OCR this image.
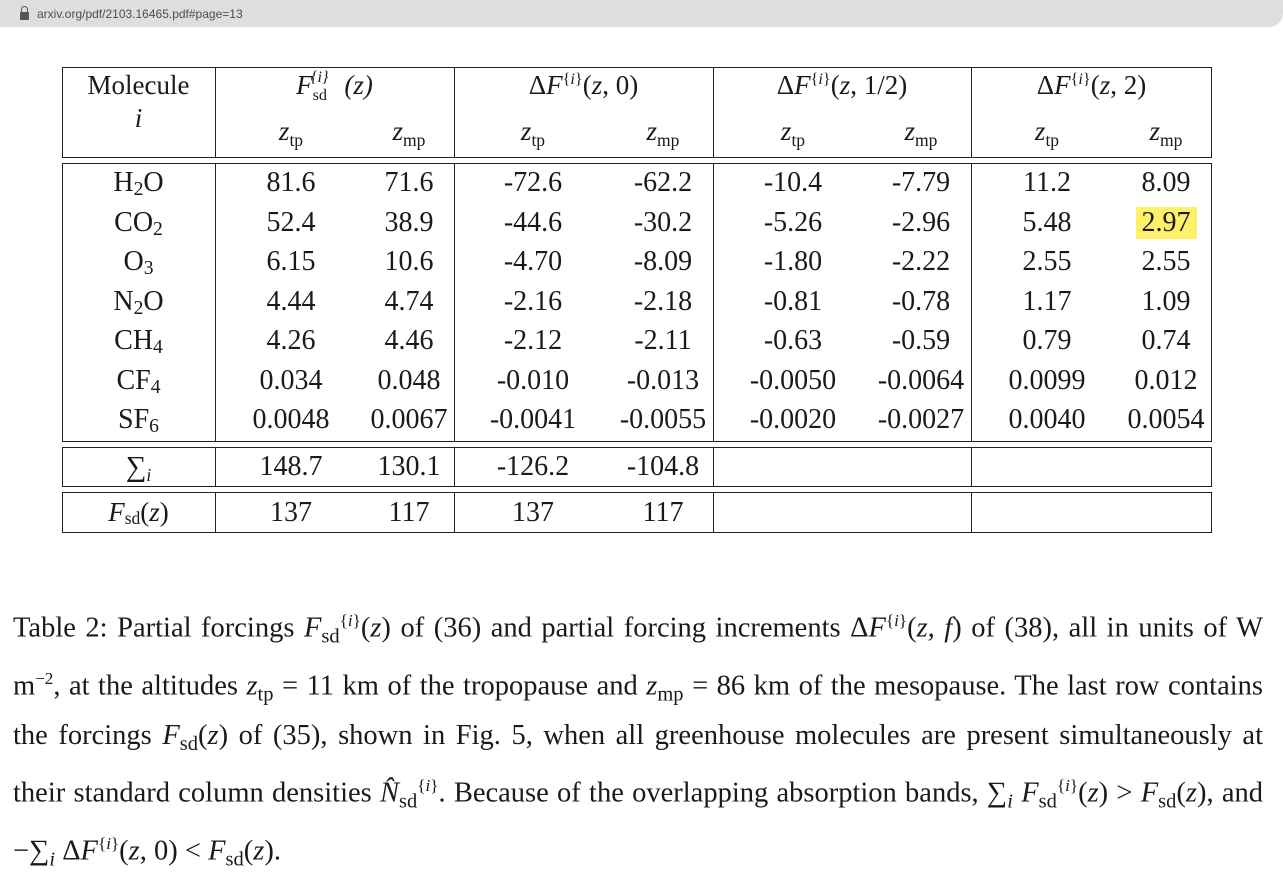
arxiv.org/pdf/2103.16465.pdf#page=13
Molecule
i
$F_{sd}^{\{i\}}$ (z)	$\Delta F^{\{i\}}(z$, 0)	$\Delta F^{\{i\}}(z$, 1/2)	$\Delta F^{\{i\}}(z$, 2)
$z_{tp}$	$z_{mp}$	$z_{tp}$	$z_{mp}$	$z_{tp}$	$z_{mp}$	$z_{tp}$	$z_{mp}$
H 2 O	81.6 71.6	-72.6	-62.2	-10.4 -7.79	11.2	8.09
CO 2	52.4 38.9	-44.6	-30.2	-5.26 -2.96	5.48	2.97
O 3	6.15 10.6	-4.70	-8.09	-1.80 -2.22	2.55	2.55
N 2 O	4.44 4.74	-2.16	-2.18	-0.81 -0.78	1.17	1.09
CH 4	4.26 4.46	-2.12	-2.11	-0.63 -0.59	0.79	0.74
CF 4	0.034 0.048 -0.010 -0.013 -0.0050 -0.0064 0.0099 0.012
SF 6	0.0048 0.0067 -0.0041 -0.0055 -0.0020 -0.0027 0.0040 0.0054
∑ i	148.7 130.1 -126.2 -104.8
F sd ( z )	137	117	137	117
Table 2: Partial forcings $F_{sd}^{\{i\}}(z)$ of (36) and partial forcing increments $\Delta F^{\{i\}}(z$, f) of (38), all in units of W $m^{-2}$, at the altitudes $z_{tp} = 11$ km of the tropopause and $z_{mp} = 86$ km of the mesopause. The last row contains the forcings $F_{sd}(z)$ of (35), shown in Fig. 5, when all greenhouse molecules are present simultaneously at their standard column densities $N̂_{sd}^{\{i\}}$. Because of the overlapping absorption bands, $\sum_i$ $F_{sd}^{\{i\}}(z) > F_{sd}(z)$, and $-\sum_i$ $\Delta F^{\{i\}}(z$, $0) < F_{sd}(z)$.
